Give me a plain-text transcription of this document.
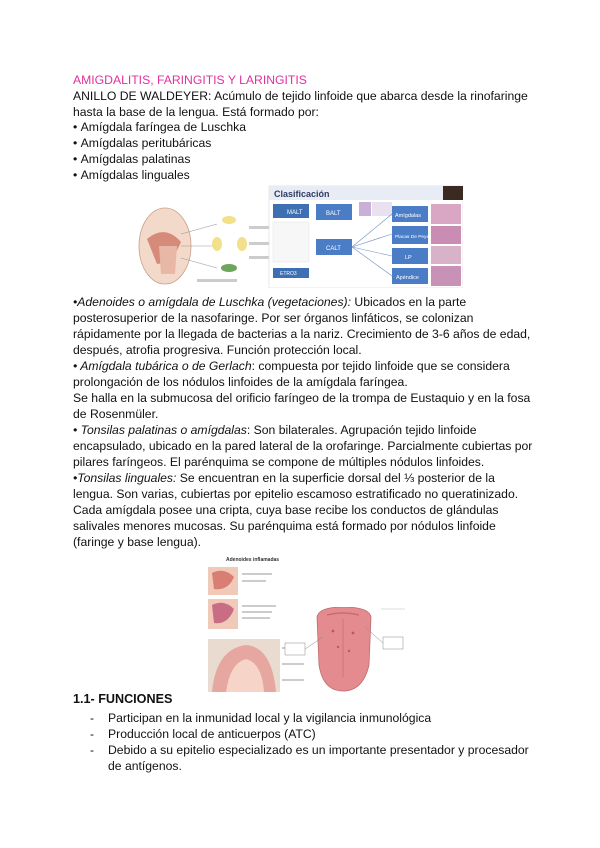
AMIGDALITIS, FARINGITIS Y LARINGITIS
ANILLO DE WALDEYER: Acúmulo de tejido linfoide que abarca desde la rinofaringe
hasta la base de la lengua. Está formado por:
• Amígdala faríngea de Luschka
• Amígdalas peritubáricas
• Amígdalas palatinas
• Amígdalas linguales
Clasificación
MALT
ETRO3
BALT
CALT
Amígdalas
Placas De Peyer
LP
Apéndice

•Adenoides o amígdala de Luschka (vegetaciones): Ubicados en la parte posterosuperior de la nasofaringe. Por ser órganos linfáticos, se colonizan rápidamente por la llegada de bacterias a la nariz. Crecimiento de 3-6 años de edad, después, atrofia progresiva. Función protección local.

• Amígdala tubárica o de Gerlach: compuesta por tejido linfoide que se considera prolongación de los nódulos linfoides de la amígdala faríngea.

Se halla en la submucosa del orificio faríngeo de la trompa de Eustaquio y en la fosa de Rosenmüler.

• Tonsilas palatinas o amígdalas: Son bilaterales. Agrupación tejido linfoide encapsulado, ubicado en la pared lateral de la orofaringe. Parcialmente cubiertas por pilares faríngeos. El parénquima se compone de múltiples nódulos linfoides.

•Tonsilas linguales: Se encuentran en la superficie dorsal del ⅓ posterior de la lengua. Son varias, cubiertas por epitelio escamoso estratificado no queratinizado. Cada amígdala posee una cripta, cuya base recibe los conductos de glándulas salivales menores mucosas. Su parénquima está formado por nódulos linfoide (faringe y base lengua).

Adenoides inflamadas
1.1- FUNCIONES
- Participan en la inmunidad local y la vigilancia inmunológica
- Producción local de anticuerpos (ATC)
- Debido a su epitelio especializado es un importante presentador y procesador de antígenos.
